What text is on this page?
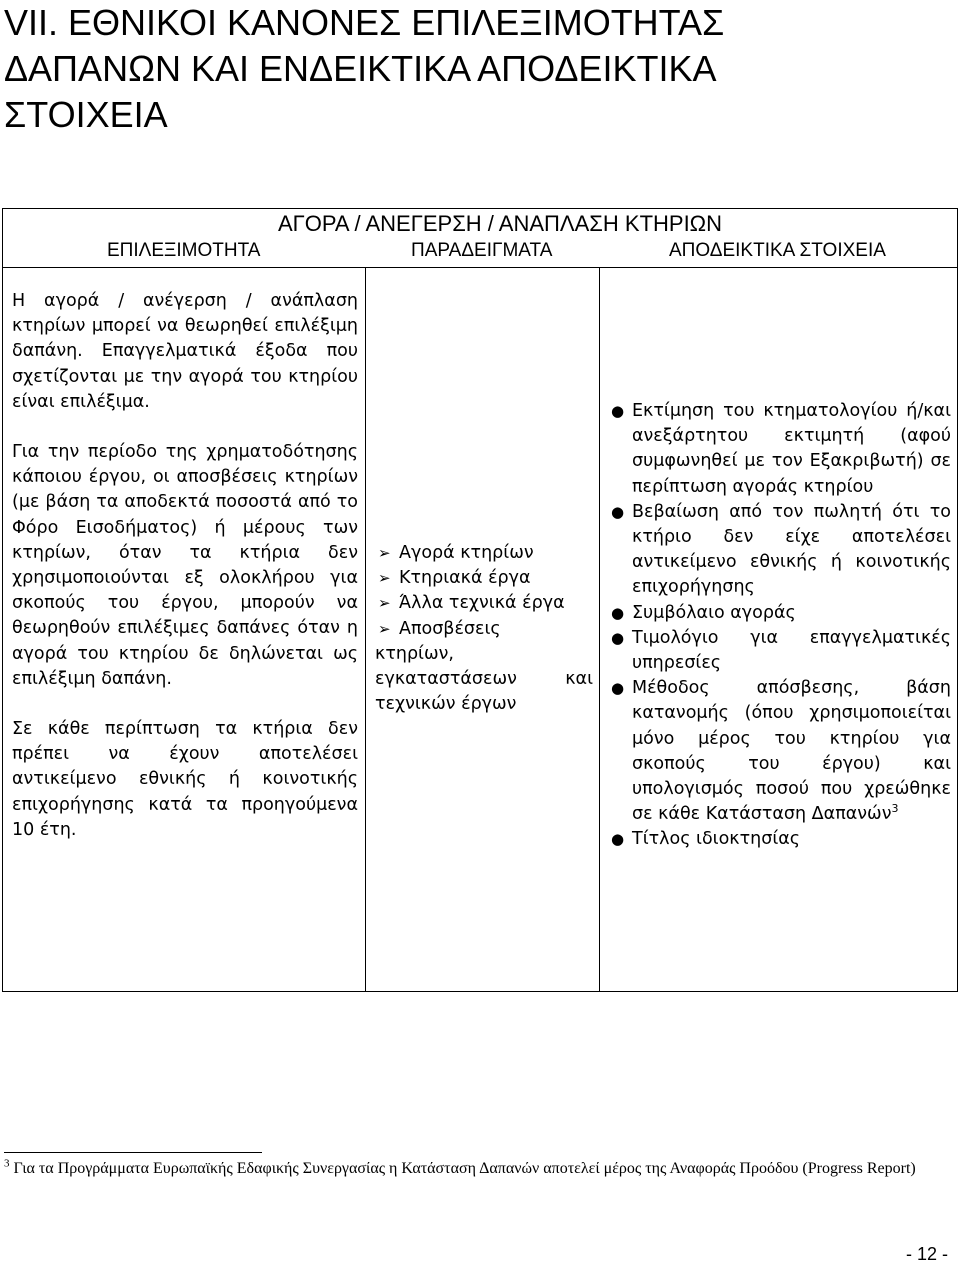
VII. ΕΘΝΙΚΟΙ ΚΑΝΟΝΕΣ ΕΠΙΛΕΞΙΜΟΤΗΤΑΣ
ΔΑΠΑΝΩΝ ΚΑΙ ΕΝΔΕΙΚΤΙΚΑ ΑΠΟΔΕΙΚΤΙΚΑ
ΣΤΟΙΧΕΙΑ
ΑΓΟΡΑ / ΑΝΕΓΕΡΣΗ / ΑΝΑΠΛΑΣΗ ΚΤΗΡΙΩΝ
ΕΠΙΛΕΞΙΜΟΤΗΤΑ	ΠΑΡΑΔΕΙΓΜΑΤΑ	ΑΠΟΔΕΙΚΤΙΚΑ ΣΤΟΙΧΕΙΑ

Η αγορά / ανέγερση / ανάπλαση κτηρίων μπορεί να θεωρηθεί επιλέξιμη δαπάνη. Επαγγελματικά έξοδα που σχετίζονται με την αγορά του κτηρίου είναι επιλέξιμα.

Για την περίοδο της χρηματοδότησης κάποιου έργου, οι αποσβέσεις κτηρίων (με βάση τα αποδεκτά ποσοστά από το Φόρο Εισοδήματος) ή μέρους των κτηρίων, όταν τα κτήρια δεν χρησιμοποιούνται εξ ολοκλήρου για σκοπούς του έργου, μπορούν να θεωρηθούν επιλέξιμες δαπάνες όταν η αγορά του κτηρίου δε δηλώνεται ως επιλέξιμη δαπάνη.

Σε κάθε περίπτωση τα κτήρια δεν πρέπει να έχουν αποτελέσει αντικείμενο εθνικής ή κοινοτικής επιχορήγησης κατά τα προηγούμενα 10 έτη.

➢ Αγορά κτηρίων
➢ Κτηριακά έργα
➢ Άλλα τεχνικά έργα
➢ Αποσβέσεις

κτηρίων, εγκαταστάσεων και τεχνικών έργων

● Εκτίμηση του κτηματολογίου ή/και ανεξάρτητου εκτιμητή (αφού συμφωνηθεί με τον Εξακριβωτή) σε περίπτωση αγοράς κτηρίου
● Βεβαίωση από τον πωλητή ότι το κτήριο δεν είχε αποτελέσει αντικείμενο εθνικής ή κοινοτικής επιχορήγησης
● Συμβόλαιο αγοράς
● Τιμολόγιο για επαγγελματικές υπηρεσίες
● Μέθοδος απόσβεσης, βάση κατανομής (όπου χρησιμοποιείται μόνο μέρος του κτηρίου για σκοπούς του έργου) και υπολογισμός ποσού που χρεώθηκε σε κάθε Κατάσταση Δαπανών$^3$
● Τίτλος ιδιοκτησίας
$^3$ Για τα Προγράμματα Ευρωπαϊκής Εδαφικής Συνεργασίας η Κατάσταση Δαπανών αποτελεί μέρος της Αναφοράς Προόδου (Progress Report)
- 12 -
